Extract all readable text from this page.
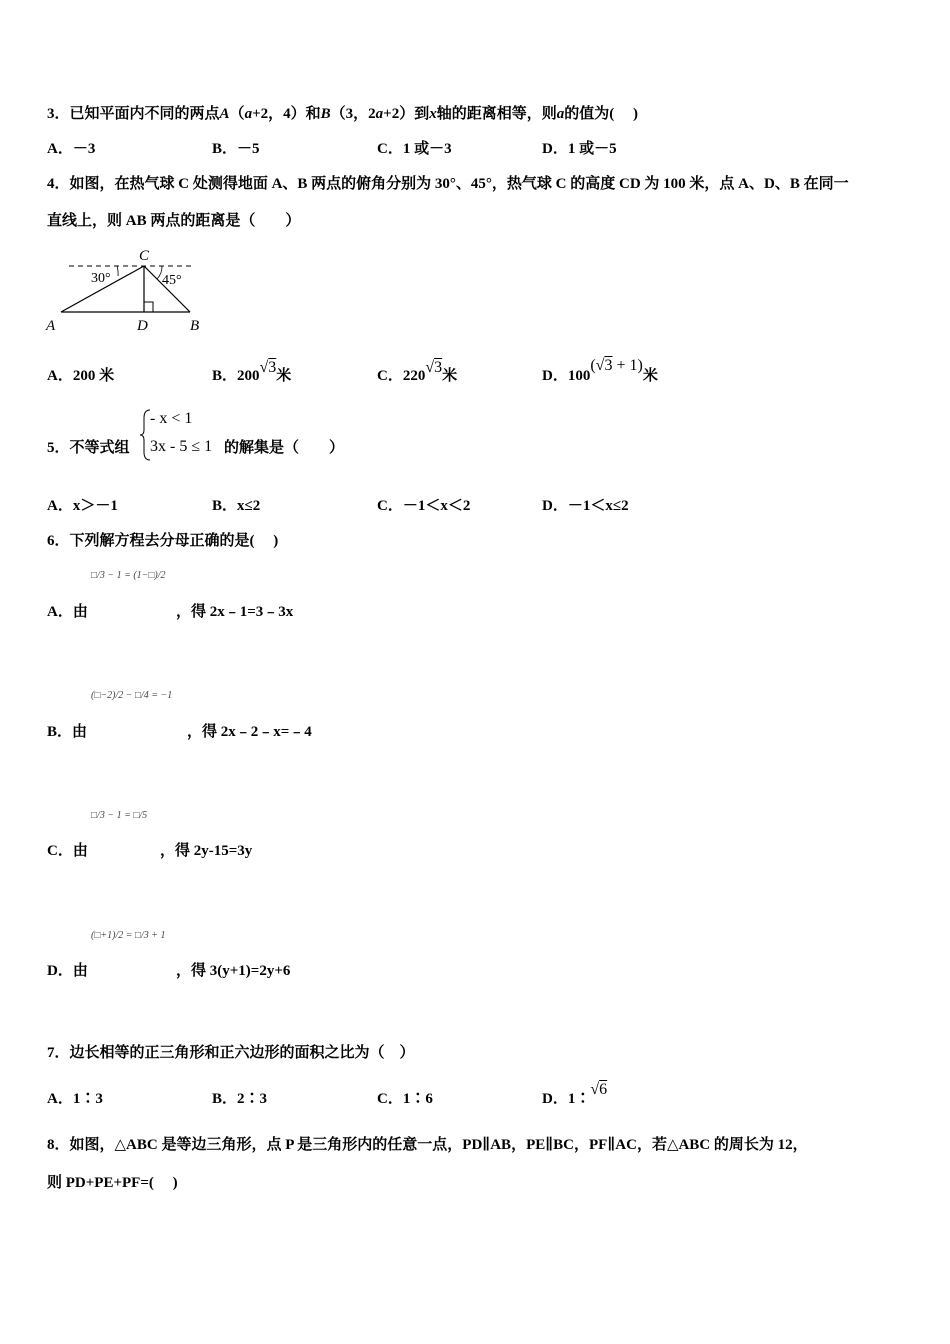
3．已知平面内不同的两点A（a+2，4）和B（3，2a+2）到x轴的距离相等，则a的值为(　 )
A．－3	B．－5	C．1 或－3	D．1 或－5
4．如图，在热气球 C 处测得地面 A、B 两点的俯角分别为 30°、45°，热气球 C 的高度 CD 为 100 米，点 A、D、B 在同一
直线上，则 AB 两点的距离是（　　）
C
30°	45°
A	D	B
A．200 米	B．200√3米	C．220√3米	D．100(√3 + 1)米
5．不等式组
- x < 1
3x - 5 ≤ 1 的解集是（　　）
A．x＞－1	B．x≤2	C．－1＜x＜2	D．－1＜x≤2
6．下列解方程去分母正确的是(　 )
□/3 − 1 = (1−□)/2
A．由	，得 2x﹣1=3﹣3x
(□−2)/2 − □/4 = −1
B．由	，得 2x﹣2﹣x=﹣4
□/3 − 1 = □/5
C．由	，得 2y-15=3y
(□+1)/2 = □/3 + 1
D．由	，得 3(y+1)=2y+6
7．边长相等的正三角形和正六边形的面积之比为（　）
A．1∶3	B．2∶3	C．1∶6	D．1∶√6
8．如图，△ABC 是等边三角形，点 P 是三角形内的任意一点，PD∥AB，PE∥BC，PF∥AC，若△ABC 的周长为 12，
则 PD+PE+PF=(　 )
